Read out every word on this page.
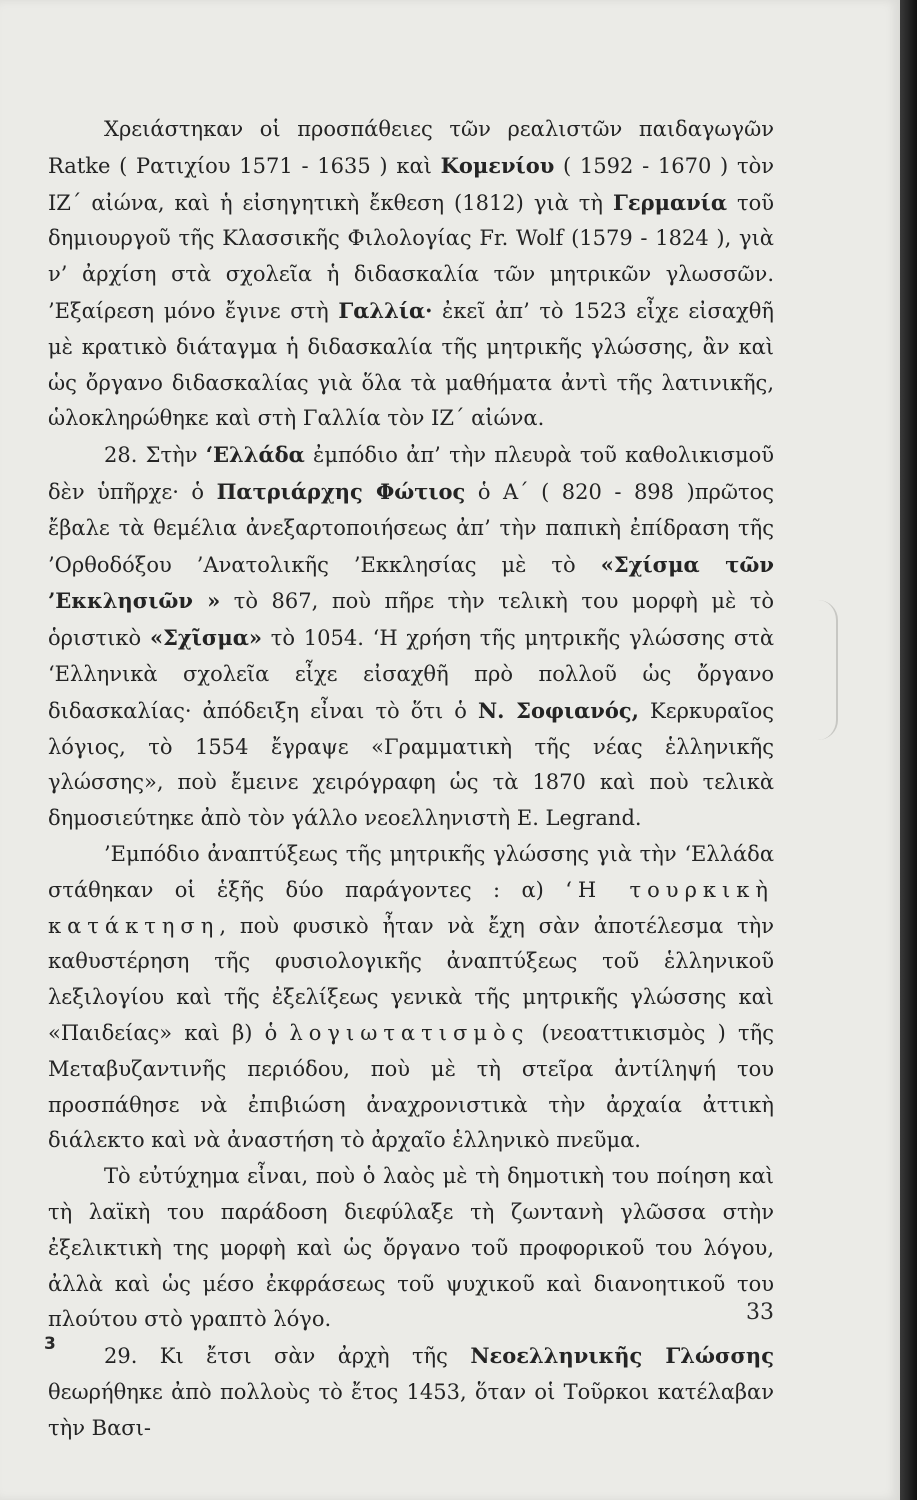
Χρειάστηκαν οἱ προσπάθειες τῶν ρεαλιστῶν παιδαγωγῶν Ratke ( Ρατιχίου 1571 - 1635 ) καὶ Κομενίου ( 1592 - 1670 ) τὸν ΙΖ΄ αἰώνα, καὶ ἡ εἰσηγητικὴ ἔκθεση (1812) γιὰ τὴ Γερμανία τοῦ δημιουργοῦ τῆς Κλασσικῆς Φιλολογίας Fr. Wolf (1579 - 1824 ), γιὰ ν’ ἀρχίση στὰ σχολεῖα ἡ διδασκαλία τῶν μητρικῶν γλωσσῶν. ’Εξαίρεση μόνο ἔγινε στὴ Γαλλία· ἐκεῖ ἀπ’ τὸ 1523 εἶχε εἰσαχθῆ μὲ κρατικὸ διάταγμα ἡ διδασκαλία τῆς μητρικῆς γλώσσης, ἂν καὶ ὡς ὄργανο διδασκαλίας γιὰ ὅλα τὰ μαθήματα ἀντὶ τῆς λατινικῆς, ὡλοκληρώθηκε καὶ στὴ Γαλλία τὸν ΙΖ΄ αἰώνα.

28. Στὴν ‘Ελλάδα ἐμπόδιο ἀπ’ τὴν πλευρὰ τοῦ καθολικισμοῦ δὲν ὑπῆρχε· ὁ Πατριάρχης Φώτιος ὁ Α΄ ( 820 - 898 )πρῶτος ἔβαλε τὰ θεμέλια ἀνεξαρτοποιήσεως ἀπ’ τὴν παπικὴ ἐπίδραση τῆς ’Ορθοδόξου ’Ανατολικῆς ’Εκκλησίας μὲ τὸ «Σχίσμα τῶν ’Εκκλησιῶν » τὸ 867, ποὺ πῆρε τὴν τελικὴ του μορφὴ μὲ τὸ ὁριστικὸ «Σχῖσμα» τὸ 1054. ‘Η χρήση τῆς μητρικῆς γλώσσης στὰ ‘Ελληνικὰ σχολεῖα εἶχε εἰσαχθῆ πρὸ πολλοῦ ὡς ὄργανο διδασκαλίας· ἀπόδειξη εἶναι τὸ ὅτι ὁ Ν. Σοφιανός, Κερκυραῖος λόγιος, τὸ 1554 ἔγραψε «Γραμματικὴ τῆς νέας ἑλληνικῆς γλώσσης», ποὺ ἔμεινε χειρόγραφη ὡς τὰ 1870 καὶ ποὺ τελικὰ δημοσιεύτηκε ἀπὸ τὸν γάλλο νεοελληνιστὴ Ε. Legrand.

’Εμπόδιο ἀναπτύξεως τῆς μητρικῆς γλώσσης γιὰ τὴν ‘Ελλάδα στάθηκαν οἱ ἑξῆς δύο παράγοντες : α) ‘Η τουρκικὴ κατάκτηση, ποὺ φυσικὸ ἦταν νὰ ἔχη σὰν ἀποτέλεσμα τὴν καθυστέρηση τῆς φυσιολογικῆς ἀναπτύξεως τοῦ ἑλληνικοῦ λεξιλογίου καὶ τῆς ἐξελίξεως γενικὰ τῆς μητρικῆς γλώσσης καὶ «Παιδείας» καὶ β) ὁ λογιωτατισμὸς (νεοαττικισμὸς ) τῆς Μεταβυζαντινῆς περιόδου, ποὺ μὲ τὴ στεῖρα ἀντίληψή του προσπάθησε νὰ ἐπιβιώση ἀναχρονιστικὰ τὴν ἀρχαία ἀττικὴ διάλεκτο καὶ νὰ ἀναστήση τὸ ἀρχαῖο ἑλληνικὸ πνεῦμα.

Τὸ εὐτύχημα εἶναι, ποὺ ὁ λαὸς μὲ τὴ δημοτικὴ του ποίηση καὶ τὴ λαϊκὴ του παράδοση διεφύλαξε τὴ ζωντανὴ γλῶσσα στὴν ἐξελικτικὴ της μορφὴ καὶ ὡς ὄργανο τοῦ προφορικοῦ του λόγου, ἀλλὰ καὶ ὡς μέσο ἐκφράσεως τοῦ ψυχικοῦ καὶ διανοητικοῦ του πλούτου στὸ γραπτὸ λόγο.

29. Κι ἔτσι σὰν ἀρχὴ τῆς Νεοελληνικῆς Γλώσσης θεωρήθηκε ἀπὸ πολλοὺς τὸ ἔτος 1453, ὅταν οἱ Τοῦρκοι κατέλαβαν τὴν Βασι-

33
3
